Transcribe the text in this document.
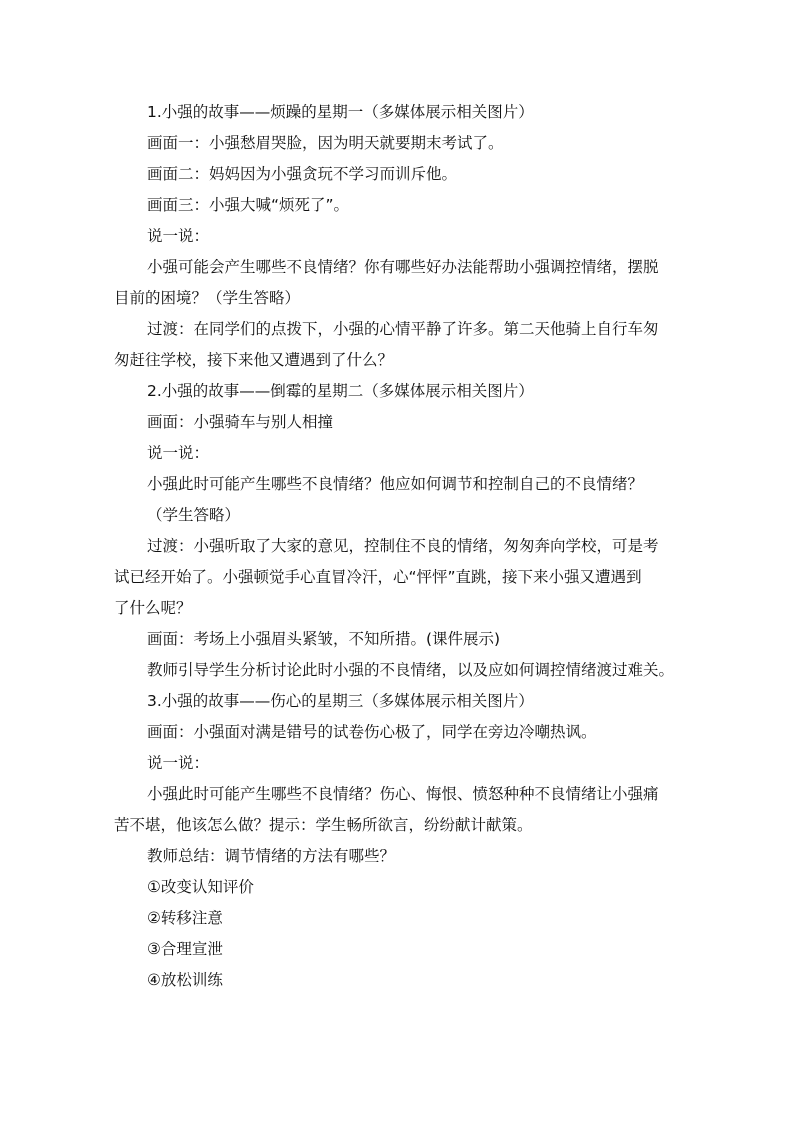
1.小强的故事——烦躁的星期一（多媒体展示相关图片）
画面一：小强愁眉哭脸，因为明天就要期末考试了。
画面二：妈妈因为小强贪玩不学习而训斥他。
画面三：小强大喊“烦死了”。
说一说：
小强可能会产生哪些不良情绪？你有哪些好办法能帮助小强调控情绪，摆脱
目前的困境？（学生答略）
过渡：在同学们的点拨下，小强的心情平静了许多。第二天他骑上自行车匆
匆赶往学校，接下来他又遭遇到了什么？
2.小强的故事——倒霉的星期二（多媒体展示相关图片）
画面：小强骑车与别人相撞
说一说：
小强此时可能产生哪些不良情绪？他应如何调节和控制自己的不良情绪？
（学生答略）
过渡：小强听取了大家的意见，控制住不良的情绪，匆匆奔向学校，可是考
试已经开始了。小强顿觉手心直冒冷汗，心“怦怦”直跳，接下来小强又遭遇到
了什么呢？
画面：考场上小强眉头紧皱，不知所措。(课件展示)
教师引导学生分析讨论此时小强的不良情绪，以及应如何调控情绪渡过难关。
3.小强的故事——伤心的星期三（多媒体展示相关图片）
画面：小强面对满是错号的试卷伤心极了，同学在旁边冷嘲热讽。
说一说：
小强此时可能产生哪些不良情绪？伤心、悔恨、愤怒种种不良情绪让小强痛
苦不堪，他该怎么做？提示：学生畅所欲言，纷纷献计献策。
教师总结：调节情绪的方法有哪些？
①改变认知评价
②转移注意
③合理宣泄
④放松训练
